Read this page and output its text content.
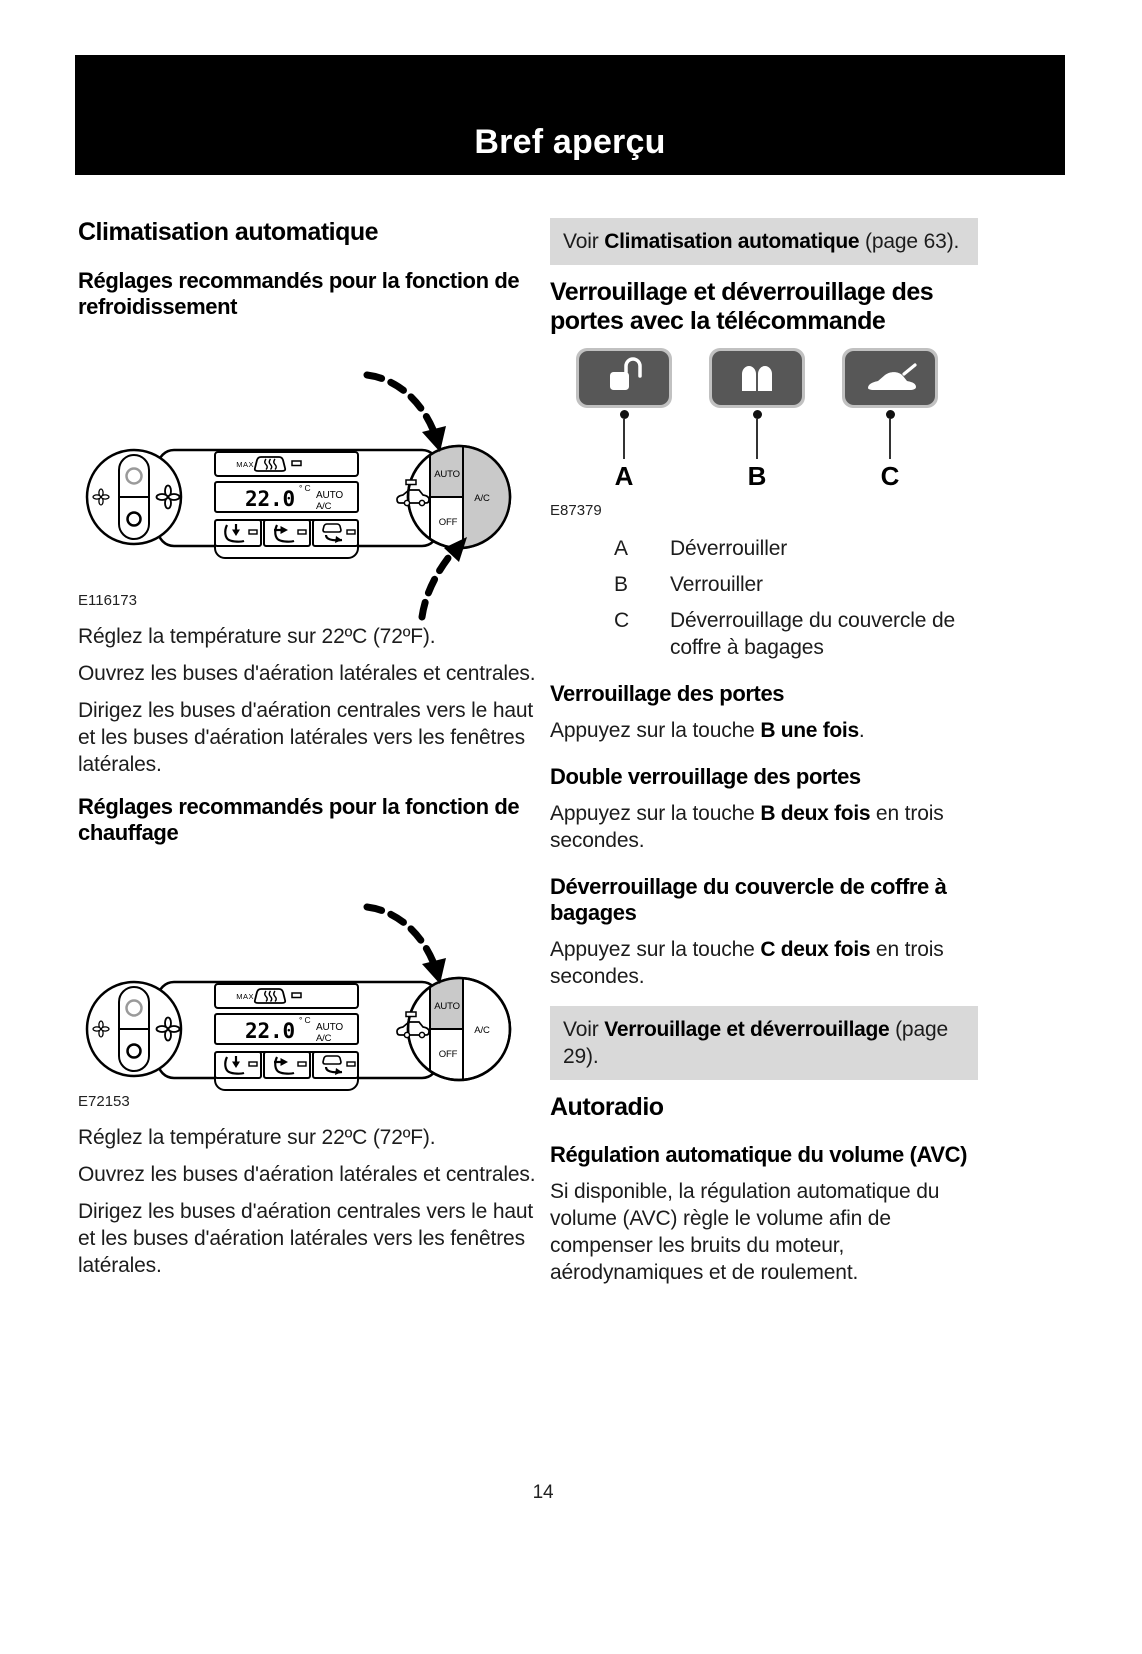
Bref aperçu
Climatisation automatique
Réglages recommandés pour la fonction de refroidissement
MAX
22.0 ° C
AUTO
A/C
AUTO
A/C
OFF
E116173

Réglez la température sur 22ºC (72ºF).

Ouvrez les buses d'aération latérales et centrales.

Dirigez les buses d'aération centrales vers le haut et les buses d'aération latérales vers les fenêtres latérales.

Réglages recommandés pour la fonction de chauffage
MAX
22.0 ° C
AUTO
A/C
AUTO
A/C
OFF
E72153

Réglez la température sur 22ºC (72ºF).

Ouvrez les buses d'aération latérales et centrales.

Dirigez les buses d'aération centrales vers le haut et les buses d'aération latérales vers les fenêtres latérales.

Voir Climatisation automatique (page 63).
Verrouillage et déverrouillage des portes avec la télécommande
A	B	C
E87379
A	Déverrouiller
B	Verrouiller
C	Déverrouillage du couvercle de coffre à bagages
Verrouillage des portes

Appuyez sur la touche B une fois.

Double verrouillage des portes

Appuyez sur la touche B deux fois en trois secondes.

Déverrouillage du couvercle de coffre à bagages

Appuyez sur la touche C deux fois en trois secondes.

Voir Verrouillage et déverrouillage (page 29).
Autoradio
Régulation automatique du volume (AVC)

Si disponible, la régulation automatique du volume (AVC) règle le volume afin de compenser les bruits du moteur, aérodynamiques et de roulement.

14
